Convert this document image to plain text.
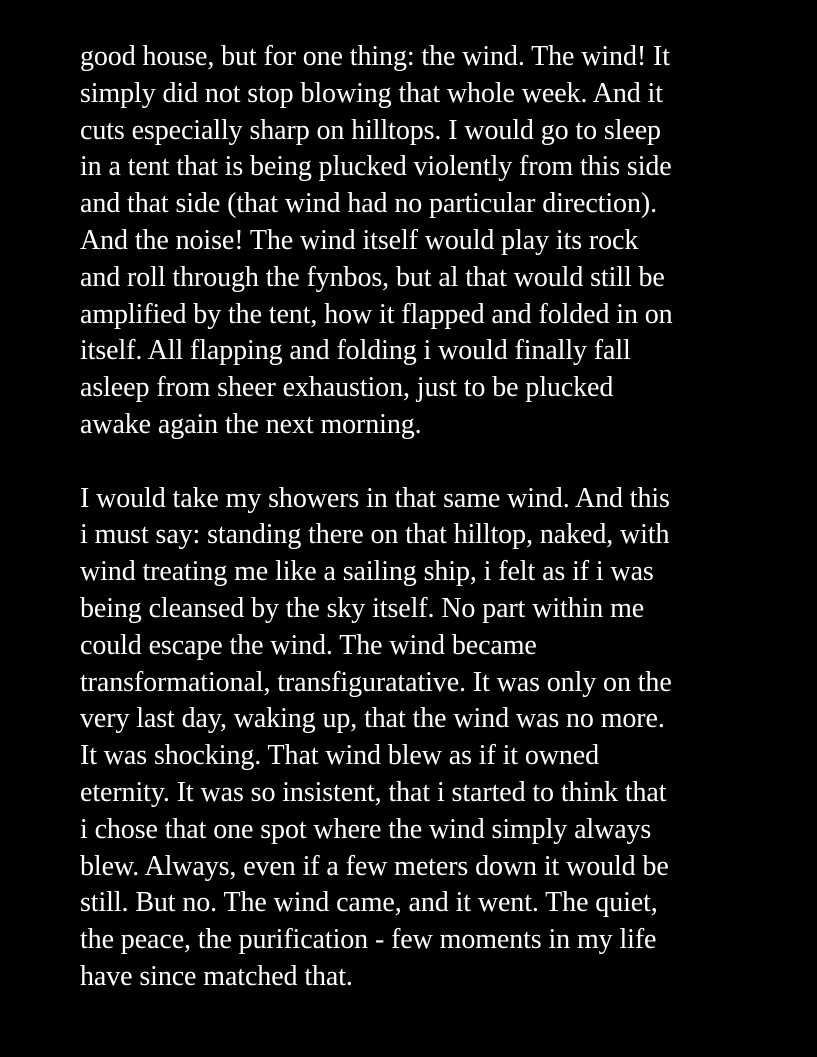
good house, but for one thing: the wind. The wind! It
simply did not stop blowing that whole week. And it
cuts especially sharp on hilltops. I would go to sleep
in a tent that is being plucked violently from this side
and that side (that wind had no particular direction).
And the noise! The wind itself would play its rock
and roll through the fynbos, but al that would still be
amplified by the tent, how it flapped and folded in on
itself. All flapping and folding i would finally fall
asleep from sheer exhaustion, just to be plucked
awake again the next morning.
I would take my showers in that same wind. And this
i must say: standing there on that hilltop, naked, with
wind treating me like a sailing ship, i felt as if i was
being cleansed by the sky itself. No part within me
could escape the wind. The wind became
transformational, transfiguratative. It was only on the
very last day, waking up, that the wind was no more.
It was shocking. That wind blew as if it owned
eternity. It was so insistent, that i started to think that
i chose that one spot where the wind simply always
blew. Always, even if a few meters down it would be
still. But no. The wind came, and it went. The quiet,
the peace, the purification - few moments in my life
have since matched that.
